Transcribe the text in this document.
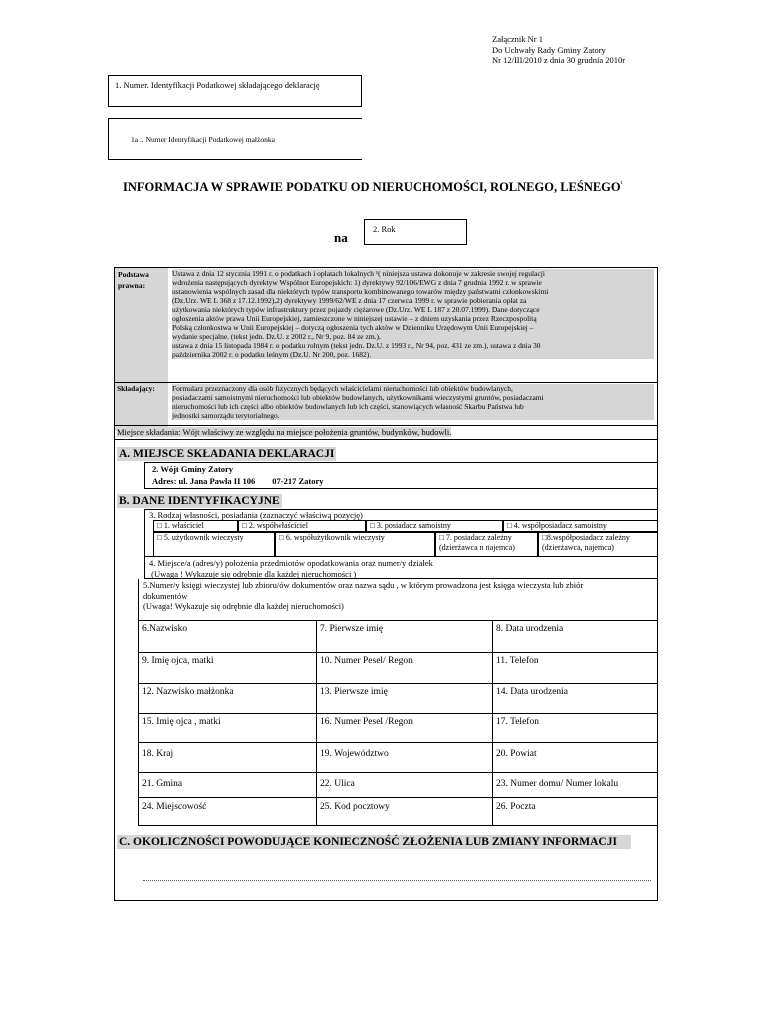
Załącznik Nr 1
Do Uchwały Rady Gminy Zatory
Nr 12/III/2010 z dnia 30 grudnia 2010r
1. Numer. Identyfikacji Podatkowej składającego deklarację
1a .. Numer Identyfikacji Podatkowej małżonka
INFORMACJA W SPRAWIE PODATKU OD NIERUCHOMOŚCI, ROLNEGO, $LEŚNEGO^{^1}$
2. Rok
na
Podstawa
prawna:
Ustawa z dnia 12 stycznia 1991 r. o podatkach i opłatach lokalnych ¹( niniejsza ustawa dokonuje w zakresie swojej regulacji
wdrożenia następujących dyrektyw Wspólnot Europejskich: 1) dyrektywy 92/106/EWG z dnia 7 grudnia 1992 r. w sprawie
ustanowienia wspólnych zasad dla niektórych typów transportu kombinowanego towarów między państwami członkowskimi
(Dz.Urz. WE L 368 z 17.12.1992),2) dyrektywy 1999/62/WE z dnia 17 czerwca 1999 r. w sprawie pobierania opłat za
użytkowania niektórych typów infrastruktury przez pojazdy ciężarowe (Dz.Urz. WE L 187 z 20.07.1999). Dane dotyczące
ogłoszenia aktów prawa Unii Europejskiej, zamieszczone w niniejszej ustawie – z dniem uzyskania przez Rzeczpospolitą
Polską członkostwa w Unii Europejskiej – dotyczą ogłoszenia tych aktów w Dzienniku Urzędowym Unii Europejskiej –
wydanie specjalne. (tekst jedn. Dz.U. z 2002 r., Nr 9, poz. 84 ze zm.),
ustawa z dnia 15 listopada 1984 r. o podatku rolnym (tekst jedn. Dz.U. z 1993 r., Nr 94, poz. 431 ze zm.), ustawa z dnia 30
października 2002 r. o podatku leśnym (Dz.U. Nr 200, poz. 1682).
Składający: Formularz przeznaczony dla osób fizycznych będących właścicielami nieruchomości lub obiektów budowlanych,
posiadaczami samoistnymi nieruchomości lub obiektów budowlanych, użytkownikami wieczystymi gruntów, posiadaczami
nieruchomości lub ich części albo obiektów budowlanych lub ich części, stanowiących własność Skarbu Państwa lub
jednostki samorządu terytorialnego.
Miejsce składania: Wójt właściwy ze względu na miejsce położenia gruntów, budynków, budowli.
A. MIEJSCE SKŁADANIA DEKLARACJI
2. Wójt Gminy Zatory
Adres: ul. Jana Pawła II 106        07-217 Zatory
B. DANE IDENTYFIKACYJNE
3. Rodzaj własności, posiadania (zaznaczyć właściwą pozycję)
□ 1. właściciel	□ 2. współwłaściciel	□ 3. posiadacz samoistny	□ 4. współposiadacz samoistny
□ 5. użytkownik wieczysty	□ 6. współużytkownik wieczysty	□ 7. posiadacz zależny
(dzierżawca n najemca)
□8.współposiadacz zależny
(dzierżawca, najemca)
4. Miejsce/a (adres/y) położenia przedmiotów opodatkowania oraz numer/y działek
(Uwaga ! Wykazuje się odrębnie dla każdej nieruchomości )
5.Numer/y księgi wieczystej lub zbioru/ów dokumentów oraz nazwa sądu , w którym prowadzona jest księga wieczysta lub zbiór
dokumentów
(Uwaga! Wykazuje się odrębnie dla każdej nieruchomości)
6.Nazwisko	7. Pierwsze imię	8. Data urodzenia
9. Imię ojca, matki	10. Numer Pesel/ Regon	11. Telefon
12. Nazwisko małżonka	13. Pierwsze imię	14. Data urodzenia
15. Imię ojca , matki	16. Numer Pesel /Regon	17. Telefon
18. Kraj	19. Województwo	20. Powiat
21. Gmina	22. Ulica	23. Numer domu/ Numer lokalu
24. Miejscowość	25. Kod pocztowy	26. Poczta
C. OKOLICZNOŚCI POWODUJĄCE KONIECZNOŚĆ ZŁOŻENIA LUB ZMIANY INFORMACJI
